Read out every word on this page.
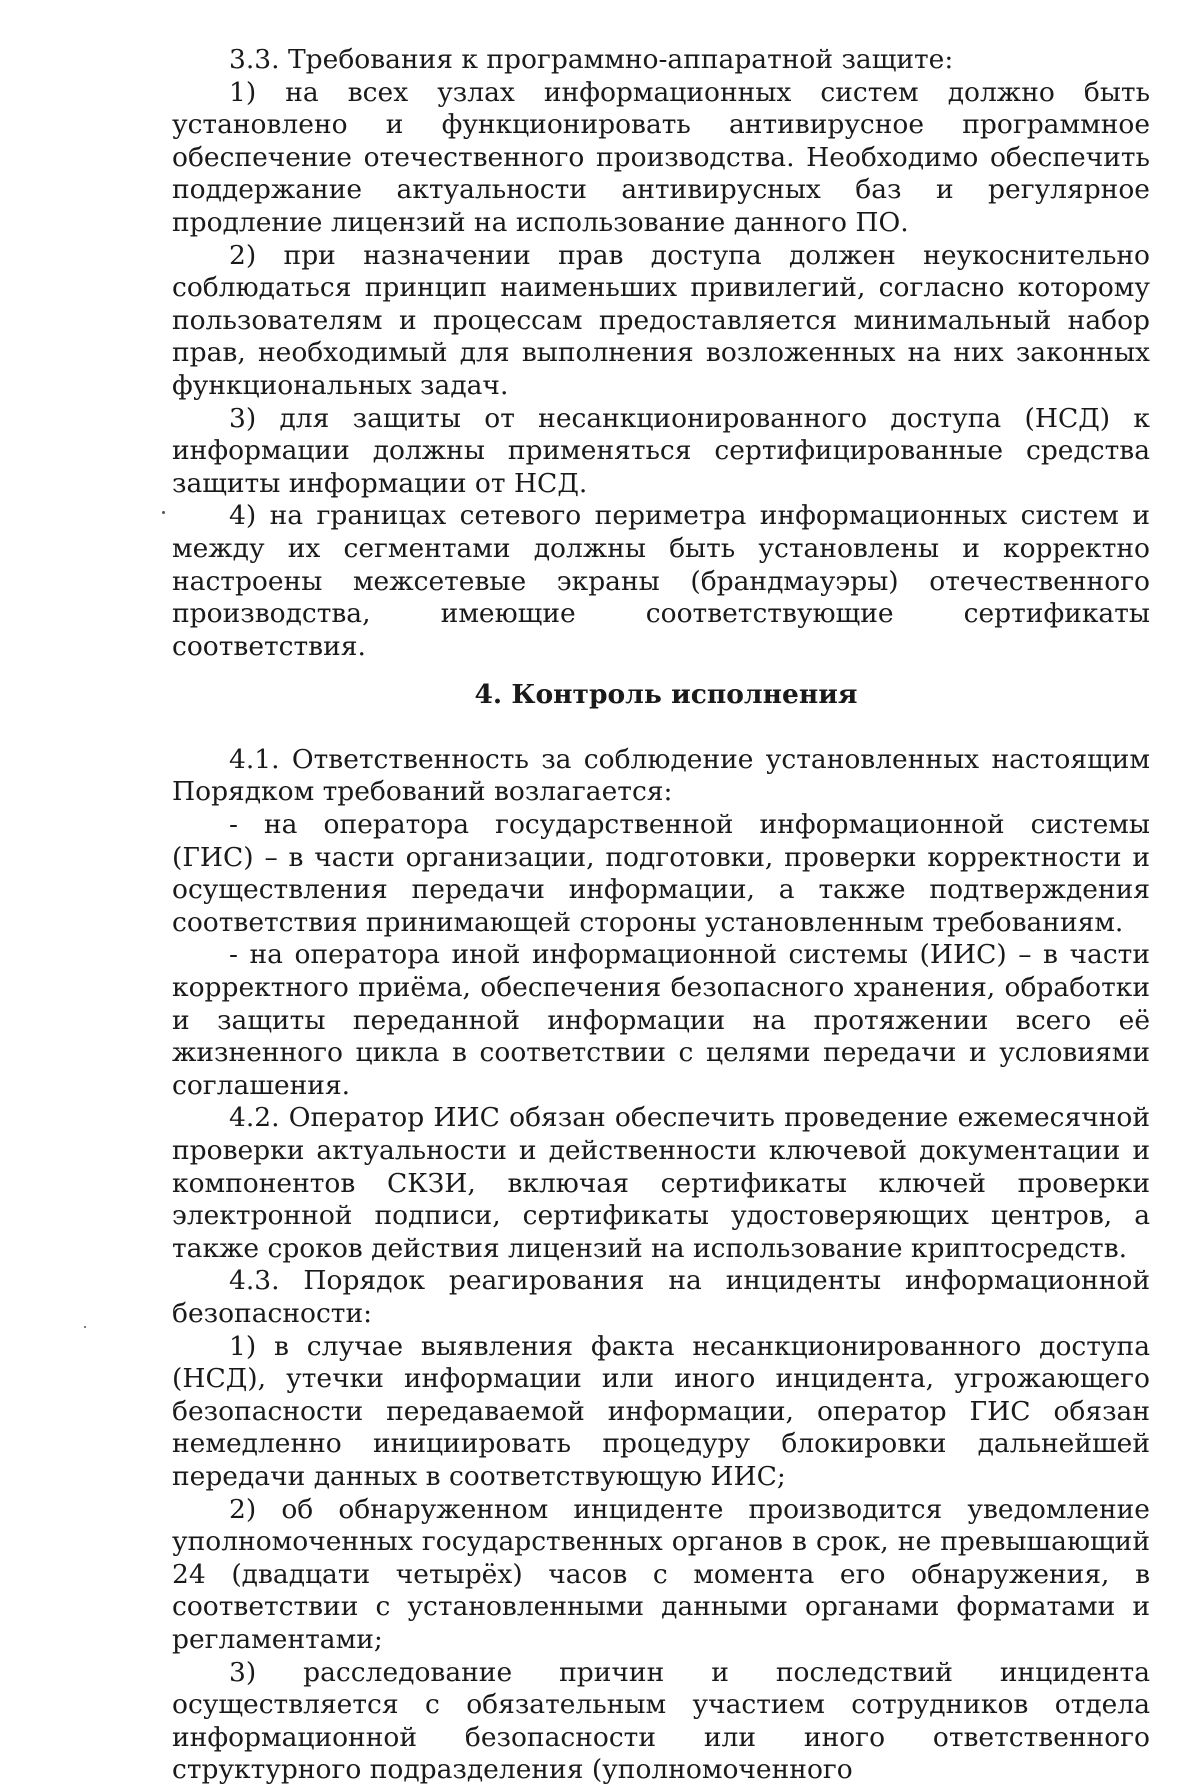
3.3. Требования к программно-аппаратной защите:

1) на всех узлах информационных систем должно быть установлено и функционировать антивирусное программное обеспечение отечественного производства. Необходимо обеспечить поддержание актуальности антивирусных баз и регулярное продление лицензий на использование данного ПО.

2) при назначении прав доступа должен неукоснительно соблюдаться принцип наименьших привилегий, согласно которому пользователям и процессам предоставляется минимальный набор прав, необходимый для выполнения возложенных на них законных функциональных задач.

3) для защиты от несанкционированного доступа (НСД) к информации должны применяться сертифицированные средства защиты информации от НСД.

4) на границах сетевого периметра информационных систем и между их сегментами должны быть установлены и корректно настроены межсетевые экраны (брандмауэры) отечественного производства, имеющие соответствующие сертификаты соответствия.

4. Контроль исполнения

4.1. Ответственность за соблюдение установленных настоящим Порядком требований возлагается:

- на оператора государственной информационной системы (ГИС) – в части организации, подготовки, проверки корректности и осуществления передачи информации, а также подтверждения соответствия принимающей стороны установленным требованиям.

- на оператора иной информационной системы (ИИС) – в части корректного приёма, обеспечения безопасного хранения, обработки и защиты переданной информации на протяжении всего её жизненного цикла в соответствии с целями передачи и условиями соглашения.

4.2. Оператор ИИС обязан обеспечить проведение ежемесячной проверки актуальности и действенности ключевой документации и компонентов СКЗИ, включая сертификаты ключей проверки электронной подписи, сертификаты удостоверяющих центров, а также сроков действия лицензий на использование криптосредств.

4.3. Порядок реагирования на инциденты информационной безопасности:

1) в случае выявления факта несанкционированного доступа (НСД), утечки информации или иного инцидента, угрожающего безопасности передаваемой информации, оператор ГИС обязан немедленно инициировать процедуру блокировки дальнейшей передачи данных в соответствующую ИИС;

2) об обнаруженном инциденте производится уведомление уполномоченных государственных органов в срок, не превышающий 24 (двадцати четырёх) часов с момента его обнаружения, в соответствии с установленными данными органами форматами и регламентами;

3) расследование причин и последствий инцидента осуществляется с обязательным участием сотрудников отдела информационной безопасности или иного ответственного структурного подразделения (уполномоченного
